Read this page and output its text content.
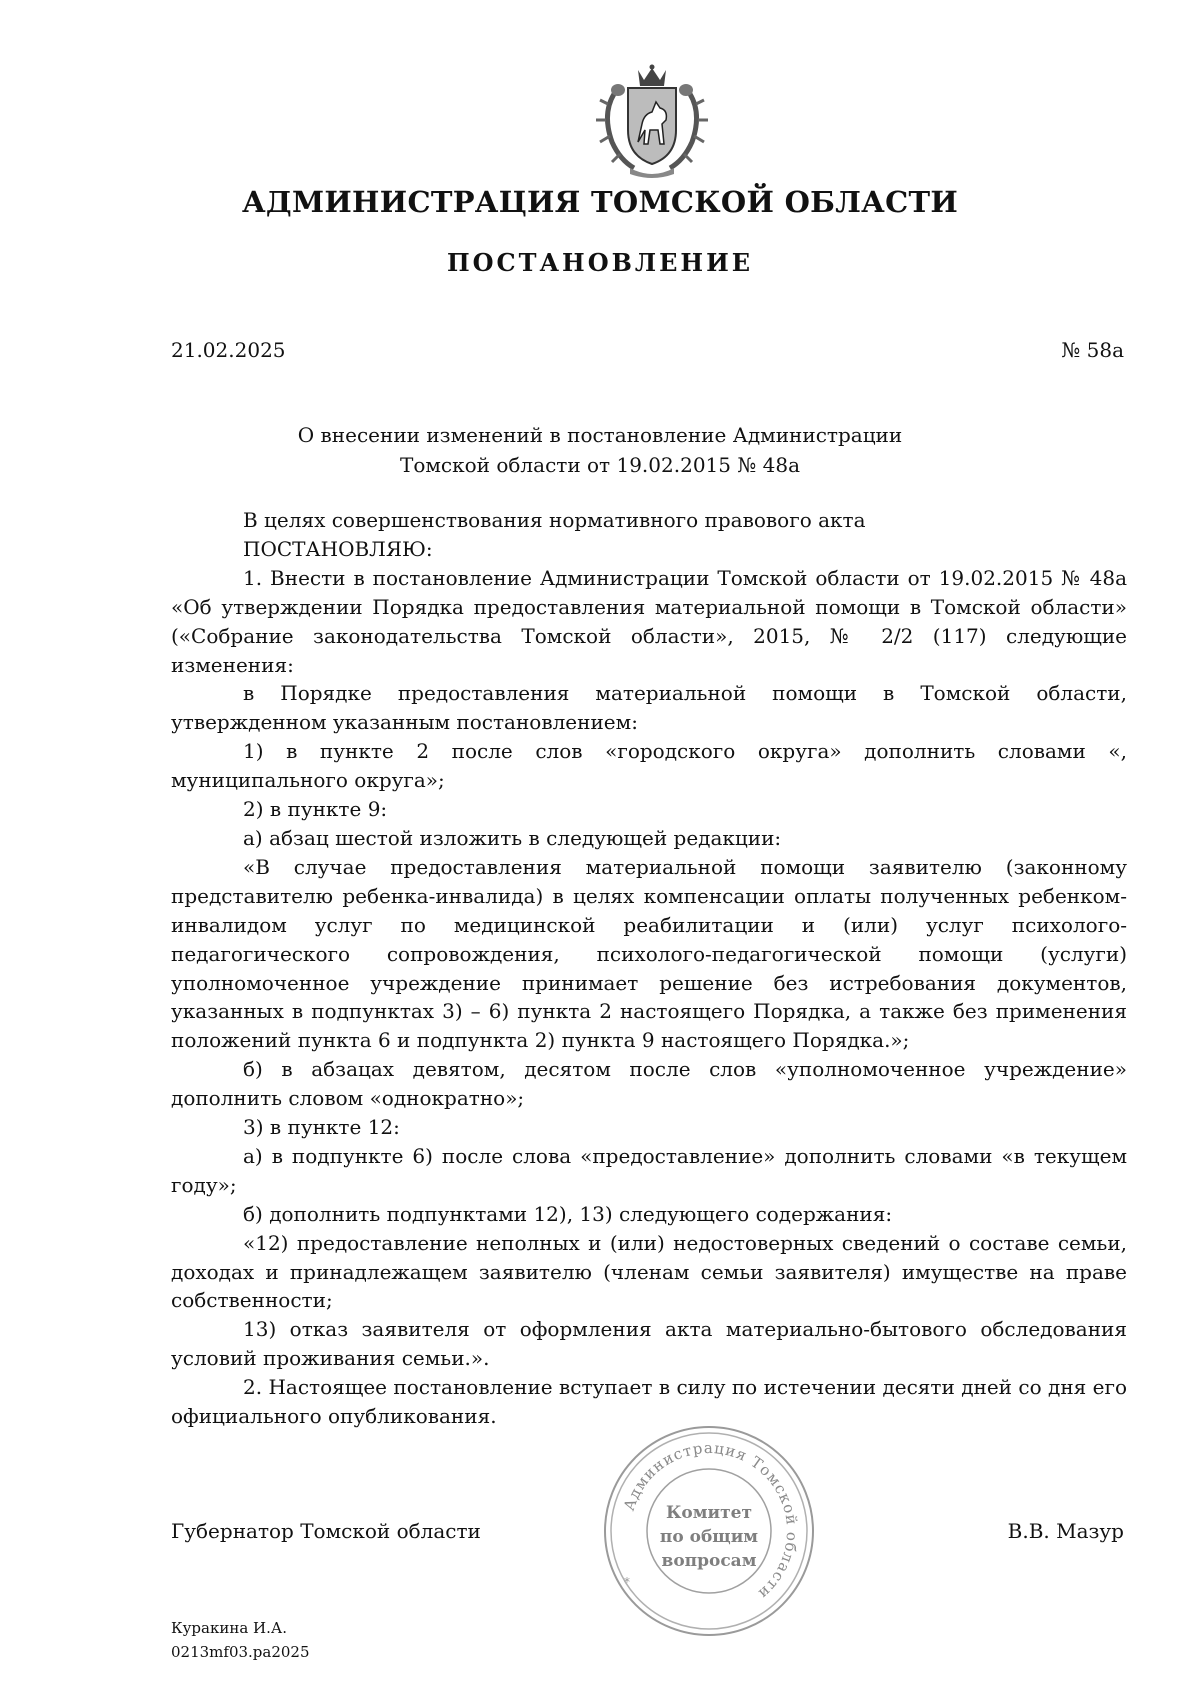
АДМИНИСТРАЦИЯ ТОМСКОЙ ОБЛАСТИ
ПОСТАНОВЛЕНИЕ
21.02.2025	№ 58а
О внесении изменений в постановление Администрации
Томской области от 19.02.2015 № 48а

В целях совершенствования нормативного правового акта

ПОСТАНОВЛЯЮ:

1. Внести в постановление Администрации Томской области от 19.02.2015 № 48а «Об утверждении Порядка предоставления материальной помощи в Томской области» («Собрание законодательства Томской области», 2015, № 2/2 (117) следующие изменения:

в Порядке предоставления материальной помощи в Томской области, утвержденном указанным постановлением:

1) в пункте 2 после слов «городского округа» дополнить словами «, муниципального округа»;

2) в пункте 9:

а) абзац шестой изложить в следующей редакции:

«В случае предоставления материальной помощи заявителю (законному представителю ребенка-инвалида) в целях компенсации оплаты полученных ребенком-инвалидом услуг по медицинской реабилитации и (или) услуг психолого-педагогического сопровождения, психолого-педагогической помощи (услуги) уполномоченное учреждение принимает решение без истребования документов, указанных в подпунктах 3) – 6) пункта 2 настоящего Порядка, а также без применения положений пункта 6 и подпункта 2) пункта 9 настоящего Порядка.»;

б) в абзацах девятом, десятом после слов «уполномоченное учреждение» дополнить словом «однократно»;

3) в пункте 12:

а) в подпункте 6) после слова «предоставление» дополнить словами «в текущем году»;

б) дополнить подпунктами 12), 13) следующего содержания:

«12) предоставление неполных и (или) недостоверных сведений о составе семьи, доходах и принадлежащем заявителю (членам семьи заявителя) имуществе на праве собственности;

13) отказ заявителя от оформления акта материально-бытового обследования условий проживания семьи.».

2. Настоящее постановление вступает в силу по истечении десяти дней со дня его официального опубликования.

Губернатор Томской области	В.В. Мазур
Администрация Томской области
*
Комитет
по общим
вопросам
Куракина И.А.
0213mf03.pa2025
